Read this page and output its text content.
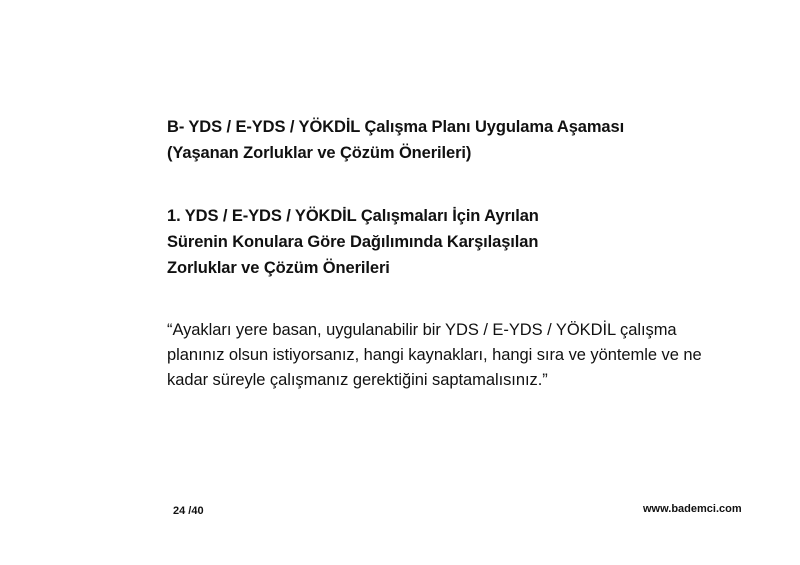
B- YDS / E-YDS / YÖKDİL Çalışma Planı Uygulama Aşaması
(Yaşanan Zorluklar ve Çözüm Önerileri)
1. YDS / E-YDS / YÖKDİL Çalışmaları İçin Ayrılan
Sürenin Konulara Göre Dağılımında Karşılaşılan
Zorluklar ve Çözüm Önerileri
“Ayakları yere basan, uygulanabilir bir YDS / E-YDS / YÖKDİL çalışma
planınız olsun istiyorsanız, hangi kaynakları, hangi sıra ve yöntemle ve ne
kadar süreyle çalışmanız gerektiğini saptamalısınız.”
24 /40	www.bademci.com
